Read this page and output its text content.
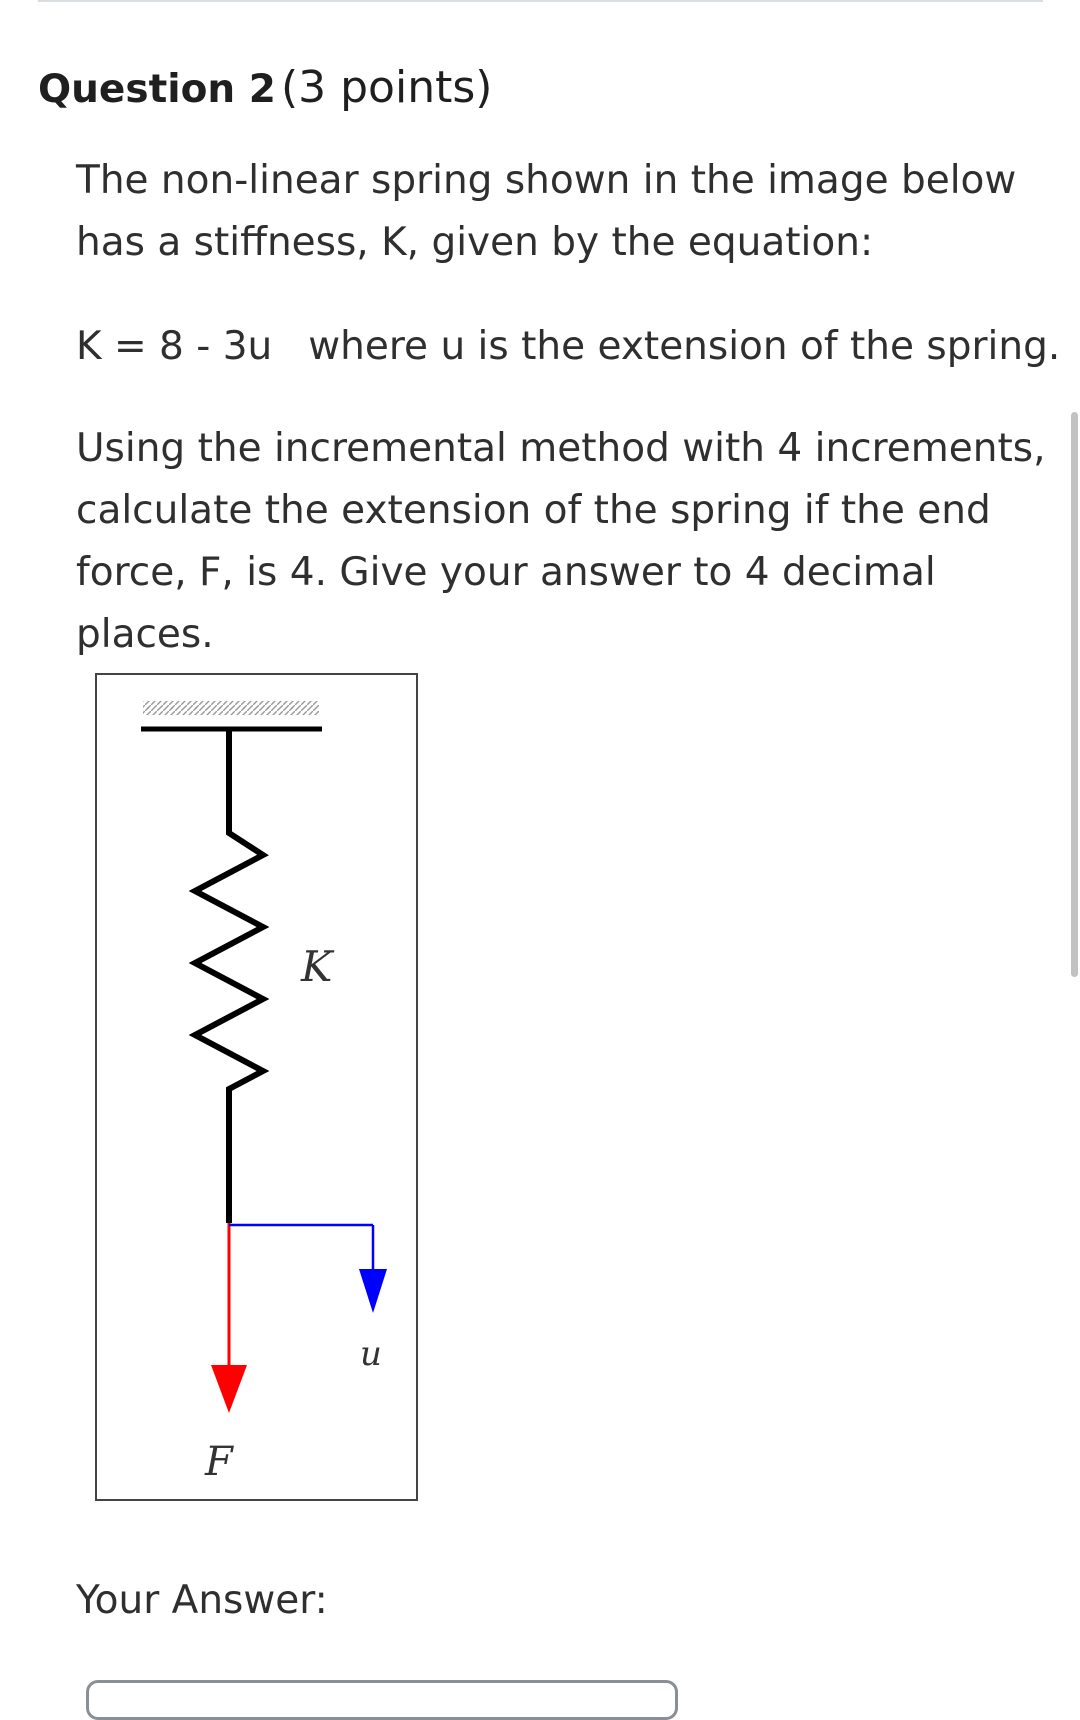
Question 2 (3 points)

The non-linear spring shown in the image below has a stiffness, K, given by the equation:

K = 8 - 3u where u is the extension of the spring.

Using the incremental method with 4 increments, calculate the extension of the spring if the end force, F, is 4. Give your answer to 4 decimal places.

K
F
u
Your Answer:
